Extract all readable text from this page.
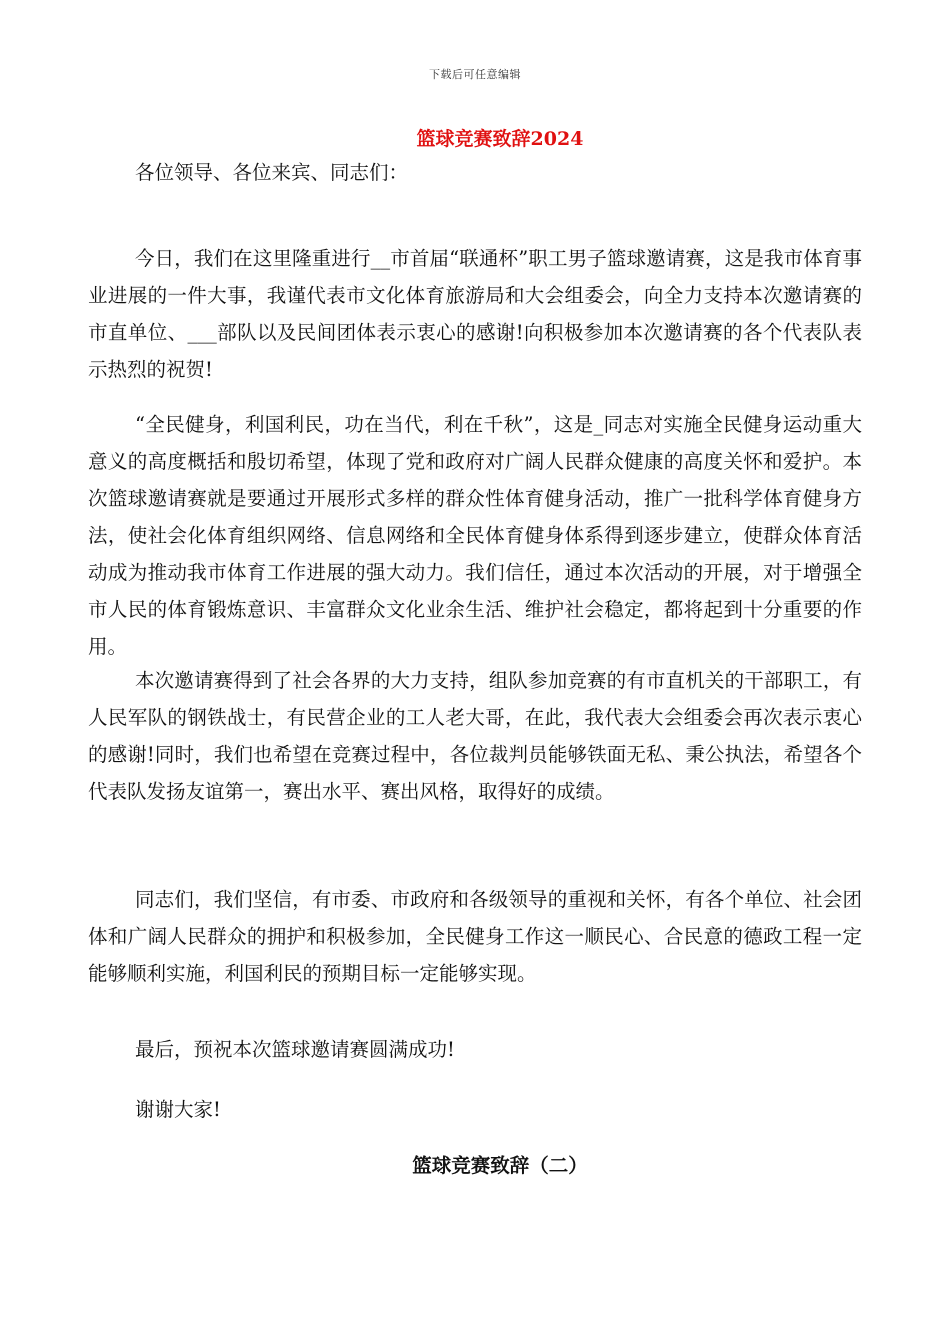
下载后可任意编辑
篮球竞赛致辞2024

各位领导、各位来宾、同志们：

今日，我们在这里隆重进行__市首届“联通杯”职工男子篮球邀请赛，这是我市体育事业进展的一件大事，我谨代表市文化体育旅游局和大会组委会，向全力支持本次邀请赛的市直单位、___部队以及民间团体表示衷心的感谢!向积极参加本次邀请赛的各个代表队表示热烈的祝贺!

“全民健身，利国利民，功在当代，利在千秋”，这是_同志对实施全民健身运动重大意义的高度概括和殷切希望，体现了党和政府对广阔人民群众健康的高度关怀和爱护。本次篮球邀请赛就是要通过开展形式多样的群众性体育健身活动，推广一批科学体育健身方法，使社会化体育组织网络、信息网络和全民体育健身体系得到逐步建立，使群众体育活动成为推动我市体育工作进展的强大动力。我们信任，通过本次活动的开展，对于增强全市人民的体育锻炼意识、丰富群众文化业余生活、维护社会稳定，都将起到十分重要的作用。

本次邀请赛得到了社会各界的大力支持，组队参加竞赛的有市直机关的干部职工，有人民军队的钢铁战士，有民营企业的工人老大哥，在此，我代表大会组委会再次表示衷心的感谢!同时，我们也希望在竞赛过程中，各位裁判员能够铁面无私、秉公执法，希望各个代表队发扬友谊第一，赛出水平、赛出风格，取得好的成绩。

同志们，我们坚信，有市委、市政府和各级领导的重视和关怀，有各个单位、社会团体和广阔人民群众的拥护和积极参加，全民健身工作这一顺民心、合民意的德政工程一定能够顺利实施，利国利民的预期目标一定能够实现。

最后，预祝本次篮球邀请赛圆满成功!

谢谢大家!

篮球竞赛致辞（二）
